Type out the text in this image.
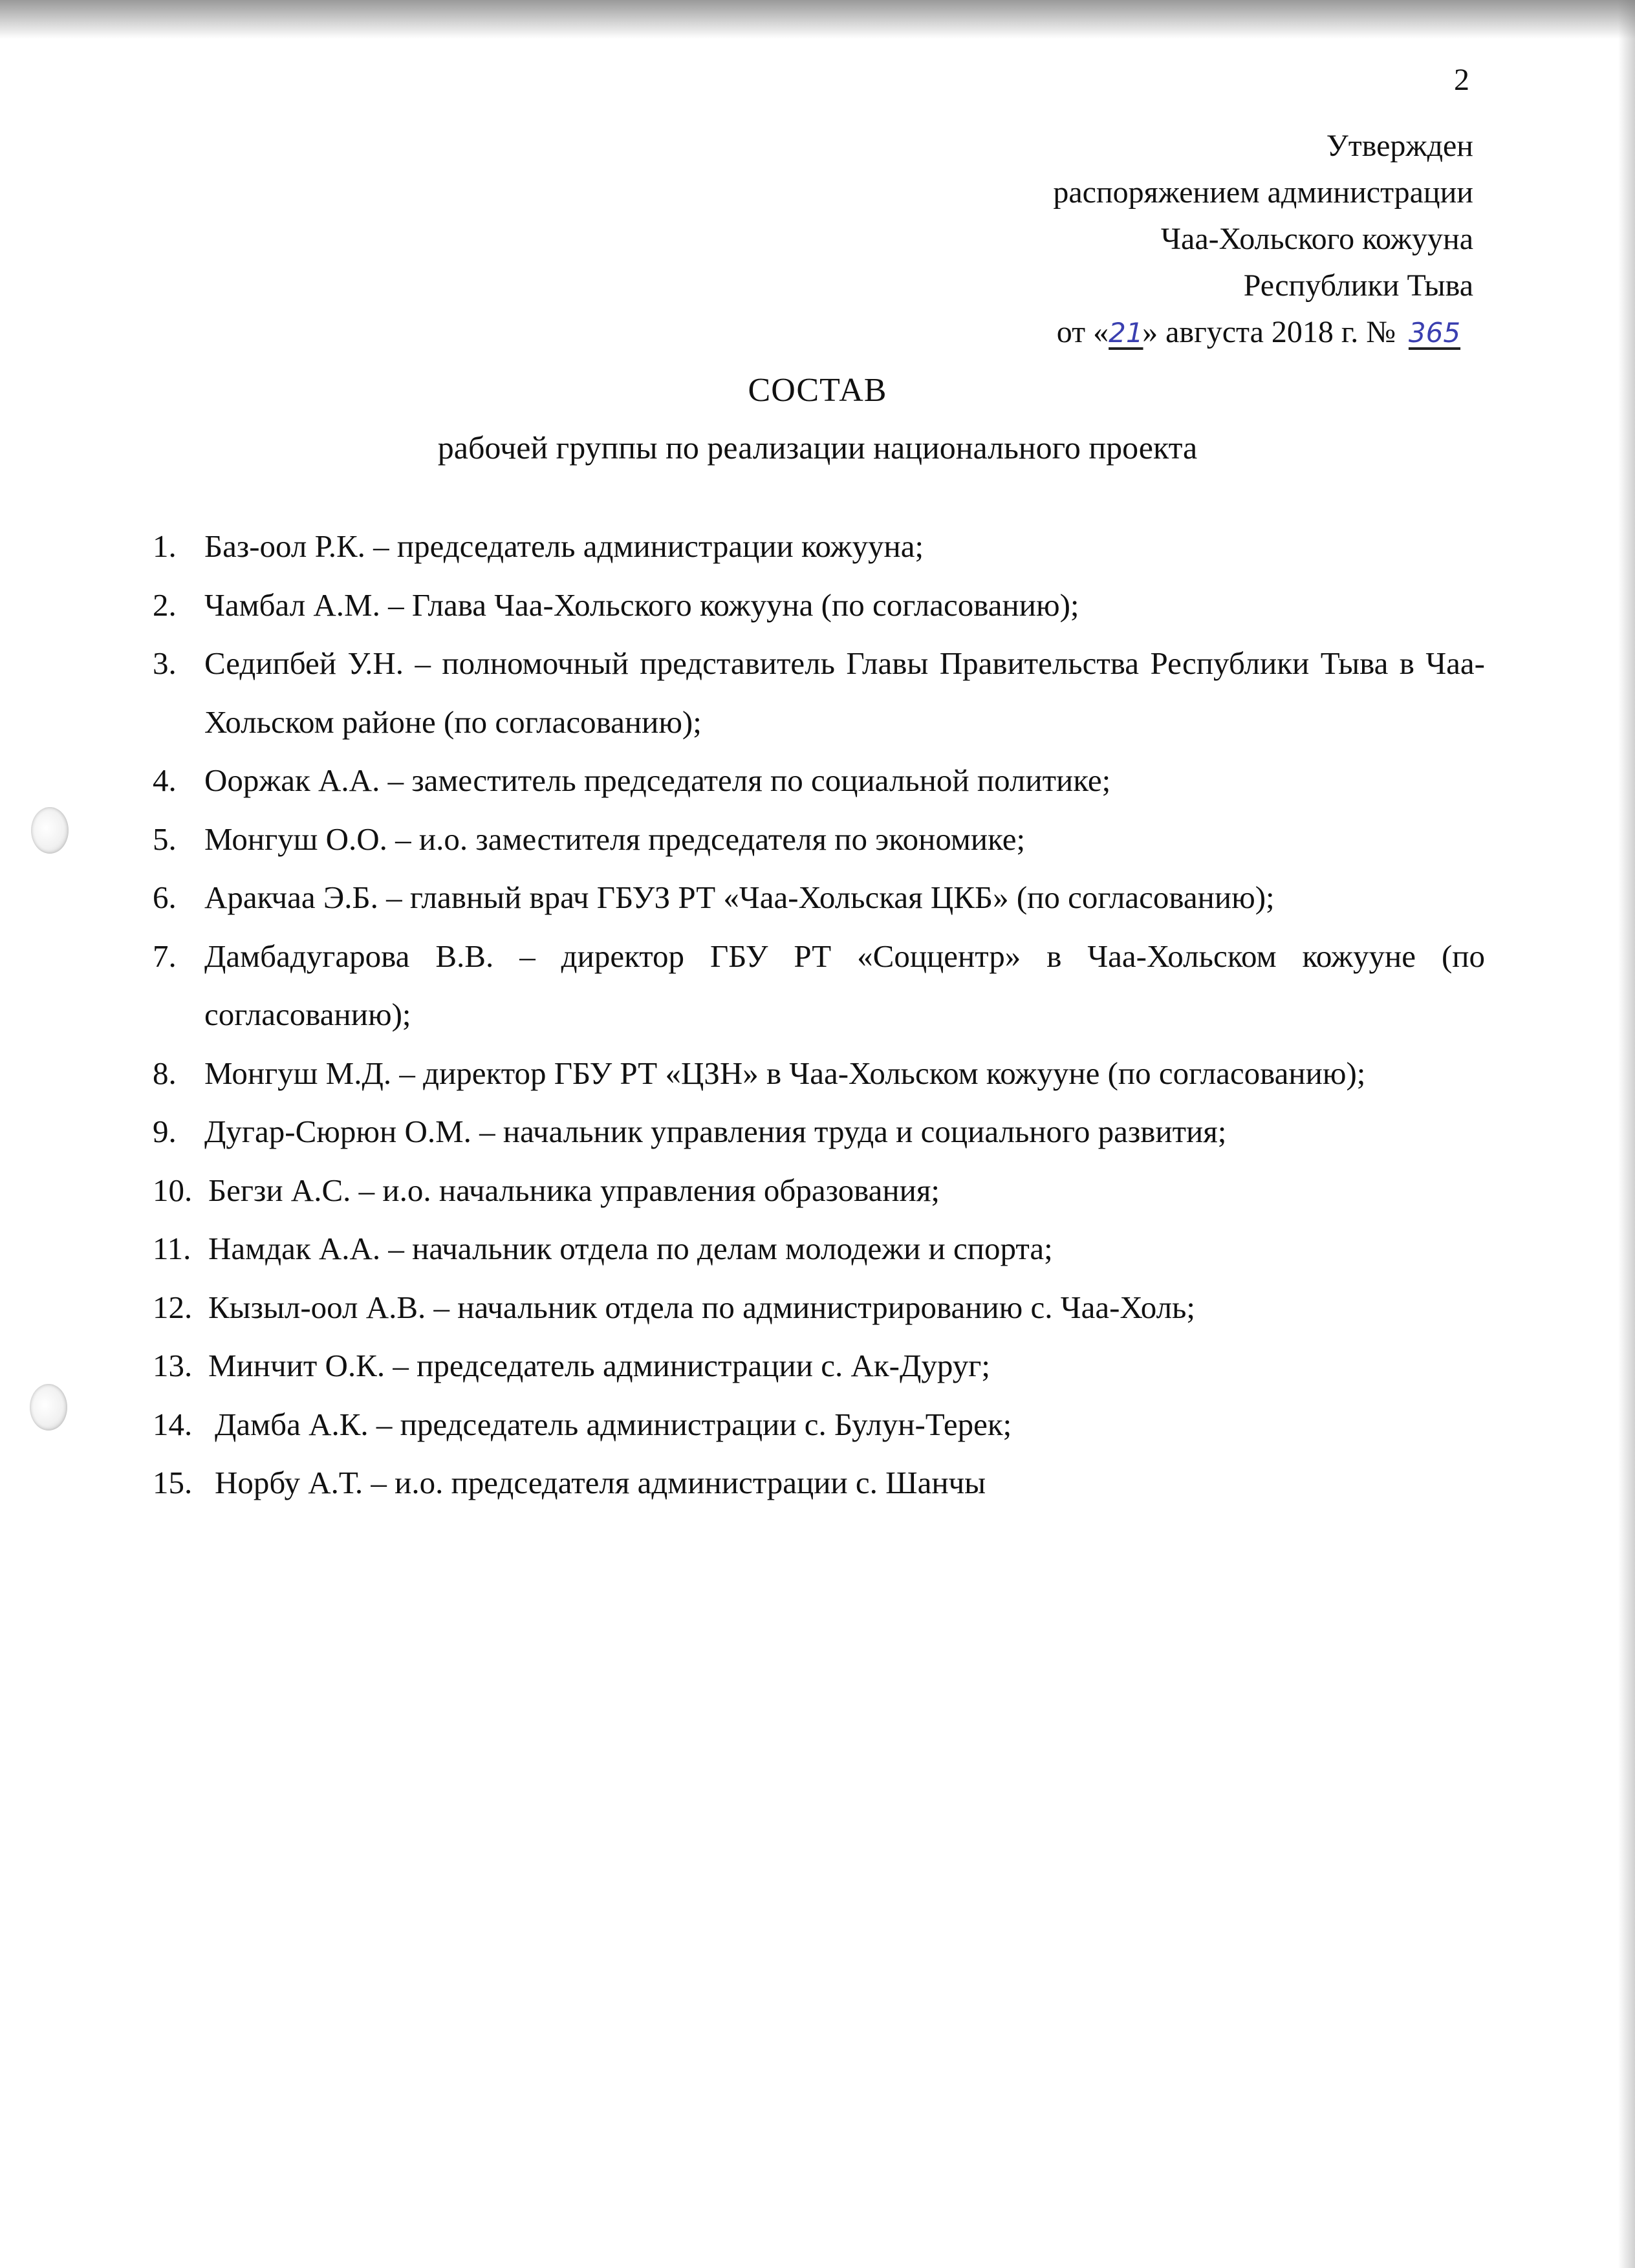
2
Утвержден
распоряжением администрации
Чаа-Хольского кожууна
Республики Тыва
от «21» августа 2018 г. № 365
СОСТАВ
рабочей группы по реализации национального проекта
1. Баз-оол Р.К. – председатель администрации кожууна;
2. Чамбал А.М. – Глава Чаа-Хольского кожууна (по согласованию);
3. Седипбей У.Н. – полномочный представитель Главы Правительства Республики Тыва в Чаа-Хольском районе (по согласованию);
4. Ооржак А.А. – заместитель председателя по социальной политике;
5. Монгуш О.О. – и.о. заместителя председателя по экономике;
6. Аракчаа Э.Б. – главный врач ГБУЗ РТ «Чаа-Хольская ЦКБ» (по согласованию);
7. Дамбадугарова В.В. – директор ГБУ РТ «Соццентр» в Чаа-Хольском кожууне (по согласованию);
8. Монгуш М.Д. – директор ГБУ РТ «ЦЗН» в Чаа-Хольском кожууне (по согласованию);
9. Дугар-Сюрюн О.М. – начальник управления труда и социального развития;
10. Бегзи А.С. – и.о. начальника управления образования;
11. Намдак А.А. – начальник отдела по делам молодежи и спорта;
12. Кызыл-оол А.В. – начальник отдела по администрированию с. Чаа-Холь;
13. Минчит О.К. – председатель администрации с. Ак-Дуруг;
14. Дамба А.К. – председатель администрации с. Булун-Терек;
15. Норбу А.Т. – и.о. председателя администрации с. Шанчы
